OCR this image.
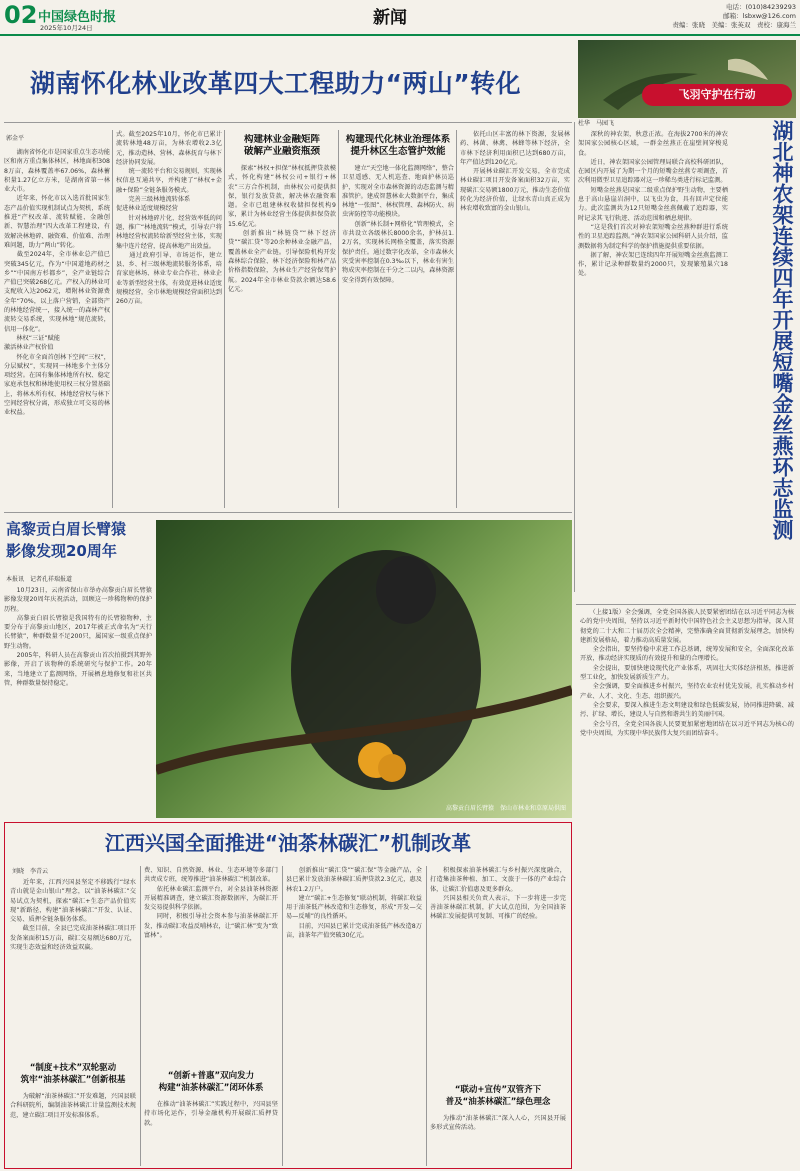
02 中国绿色时报
2025年10月24日	新闻
电话：(010)84239293
邮箱：lsbxw@126.com
责编：张晓　美编：张英双　责校：康海兰
湖南怀化林业改革四大工程助力“两山”转化	飞羽守护在行动
郭金平
　　湖南省怀化市是国家重点生态功能区和南方重点集体林区，林地面积3088万亩，森林覆盖率67.06%，森林蓄积量1.27亿立方米，是湖南省第一林业大市。
　　近年来，怀化市以入选首批国家生态产品价值实现机制试点为契机，系统推进“产权改革、流转赋能、金融创新、智慧治理”四大改革工程建设，有效解决林地碎、融资难、价值难、治理难问题，助力“两山”转化。
　　截至2024年，全市林业总产值已突破345亿元，作为“中国道地药材之乡”“中国南方杉都乡”，全产业链综合产值已突破268亿元。产权入的林业可支配收入达2062元，增附林业资源费全年“70%，以上落户营销，全部资产的林地经营统一，接入统一的森林产权流转交易系统，实现林地“规范流转，信用一体化”。
　　林权“三证”赋能
激活林业产权价值
　　怀化市全面首创林下空间“三权”，分层赋权”，实现同一林地多个主体分项经营。在国有集体林地所有权、稳定家庭承包权和林地使用权三权分置基础上，将林木所有权、林地经营权与林下空间经营权分离，形成独立可交易的林业权益。
式。截至2025年10月，怀化市已累计流转林地48万亩，为林农增收2.3亿元，推动造林、营林、森林抚育与林下经济协同发展。
　　统一流转平台和交易规则，实现林权信息互通共享，并构建了“林权+金融+保险”全链条服务模式。
　　完善三级林地流转体系
促进林业适度规模经营
　　针对林地碎片化、经营效率低的问题，推广“林地流转”模式，引导农户将林地经营权流转给新型经营主体，实现集中连片经营，提高林地产出效益。
　　通过政府引导、市场运作，建立县、乡、村三级林地流转服务体系，培育家庭林场、林业专业合作社、林业企业等新型经营主体，有效促进林业适度规模经营，全市林地规模经营面积达到260万亩。
构建林业金融矩阵
破解产业融资瓶颈
　　探索“林权+担保”林权抵押贷款模式，怀化构建“林权公司+银行+林农”三方合作机制，由林权公司提供担保，银行发放贷款，解决林农融资难题。全市已组建林权收储担保机构9家，累计为林业经营主体提供担保贷款15.6亿元。
　　创新推出“林链贷”“林下经济贷”“碳汇贷”等20余种林业金融产品，覆盖林业全产业链。引导保险机构开发森林综合保险、林下经济保险和林产品价格指数保险，为林业生产经营保驾护航。2024年全市林业贷款余额达58.6亿元。
构建现代化林业治理体系
提升林区生态管护效能
　　建立“天空地一体化监测网络”，整合卫星遥感、无人机巡查、地面护林员巡护，实现对全市森林资源的动态监测与精准管护。建成智慧林业大数据平台，集成林地“一张图”、林权管理、森林防火、病虫害防控等功能模块。
　　创新“林长制+网格化”管理模式，全市共设立各级林长8000余名，护林员1.2万名，实现林长网格全覆盖，落实资源保护责任。通过数字化改革，全市森林火灾受害率控制在0.3‰以下，林业有害生物成灾率控制在千分之二以内，森林资源安全得到有效保障。
　　依托山区丰富的林下资源，发展林药、林菌、林禽、林蜂等林下经济，全市林下经济利用面积已达到680万亩，年产值达到120亿元。
　　开展林业碳汇开发交易，全市完成林业碳汇项目开发备案面积32万亩，实现碳汇交易额1800万元，推动生态价值转化为经济价值，让绿水青山真正成为林农增收致富的金山银山。
杜华　马园飞
　　深秋的神农架，秋意正浓。在海拔2700米的神农架国家公园核心区域，一群金丝燕正在崖壁间穿梭觅食。
　　近日，神农架国家公园管理局联合高校科研团队，在园区内开展了为期一个月的短嘴金丝燕专项调查，首次利用微型卫星追踪器对这一珍稀鸟类进行标记监测。
　　短嘴金丝燕是国家二级重点保护野生动物，主要栖息于高山悬崖岩洞中，以飞虫为食，具有回声定位能力。此次监测共为12只短嘴金丝燕佩戴了追踪器，实时记录其飞行轨迹、活动范围和栖息规律。
　　“这是我们首次对神农架短嘴金丝燕种群进行系统性的卫星追踪监测。”神农架国家公园科研人员介绍，监测数据将为制定科学的保护措施提供重要依据。
　　据了解，神农架已连续四年开展短嘴金丝燕监测工作，累计记录种群数量约2000只，发现繁殖巢穴18处。	湖北神农架连续四年开展短嘴金丝燕环志监测
高黎贡白眉长臂猿
影像发现20周年
本报讯　记者孔祥瑞报道
　　10月23日，云南省保山市举办高黎贡白眉长臂猿影像发现20周年庆祝活动，回顾这一珍稀物种的保护历程。
　　高黎贡白眉长臂猿是我国特有的长臂猿物种，主要分布于高黎贡山地区，2017年被正式命名为“天行长臂猿”，种群数量不足200只，属国家一级重点保护野生动物。
　　2005年，科研人员在高黎贡山首次拍摄到其野外影像，开启了该物种的系统研究与保护工作。20年来，当地建立了监测网络，开展栖息地修复和社区共管，种群数量保持稳定。
高黎贡白眉长臂猿　保山市林业和草原局供图
江西兴国全面推进“油茶林碳汇”机制改革
刘晓　李青云
　　近年来，江西兴国县坚定不移践行“绿水青山就是金山银山”理念，以“油茶林碳汇”交易试点为契机，探索“碳汇+生态产品价值实现”新路径，构建“油茶林碳汇”开发、认证、交易、质押全链条服务体系。
　　截至目前，全县已完成油茶林碳汇项目开发备案面积15万亩，碳汇交易额达680万元，实现生态效益和经济效益双赢。
“制度+技术”双轮驱动
筑牢“油茶林碳汇”创新根基
　　为破解“油茶林碳汇”开发难题，兴国县联合科研院所，编制油茶林碳汇计量监测技术规范，建立碳汇项目开发标准体系。
费、知识、自然资源、林业、生态环境等多部门共责成专班，统筹推进“油茶林碳汇”机制改革。
　　依托林业碳汇监测平台，对全县油茶林资源开展精准调查，建立碳汇资源数据库，为碳汇开发交易提供科学依据。
　　同时，积极引导社会资本参与油茶林碳汇开发，推动碳汇收益反哺林农，让“碳汇林”变为“致富林”。
“创新+普惠”双向发力
构建“油茶林碳汇”闭环体系
　　在推动“油茶林碳汇”实践过程中，兴国县坚持市场化运作，引导金融机构开展碳汇质押贷款。
　　创新推出“碳汇贷”“碳汇保”等金融产品，全县已累计发放油茶林碳汇质押贷款2.3亿元，惠及林农1.2万户。
　　建立“碳汇+生态修复”联动机制，将碳汇收益用于油茶低产林改造和生态修复，形成“开发—交易—反哺”的良性循环。
　　目前，兴国县已累计完成油茶低产林改造8万亩，油茶年产值突破30亿元。
　　积极探索油茶林碳汇与乡村振兴深度融合，打造集油茶种植、加工、文旅于一体的产业综合体，让碳汇价值惠及更多群众。
　　兴国县相关负责人表示，下一步将进一步完善油茶林碳汇机制，扩大试点范围，为全国油茶林碳汇发展提供可复制、可推广的经验。
“联动+宣传”双管齐下
普及“油茶林碳汇”绿色理念
　　为推动“油茶林碳汇”深入人心，兴国县开展多形式宣传活动。
　　（上接1版）全会强调，全党全国各族人民要紧密团结在以习近平同志为核心的党中央周围，坚持以习近平新时代中国特色社会主义思想为指导，深入贯彻党的二十大和二十届历次全会精神，完整准确全面贯彻新发展理念，加快构建新发展格局，着力推动高质量发展。
　　全会指出，要坚持稳中求进工作总基调，统筹发展和安全，全面深化改革开放，推动经济实现质的有效提升和量的合理增长。
　　全会提出，要加快建设现代化产业体系，巩固壮大实体经济根基，推进新型工业化，加快发展新质生产力。
　　全会强调，要全面推进乡村振兴，坚持农业农村优先发展，扎实推动乡村产业、人才、文化、生态、组织振兴。
　　全会要求，要深入推进生态文明建设和绿色低碳发展，协同推进降碳、减污、扩绿、增长，建设人与自然和谐共生的美丽中国。
　　全会号召，全党全国各族人民要更加紧密地团结在以习近平同志为核心的党中央周围，为实现中华民族伟大复兴而团结奋斗。
